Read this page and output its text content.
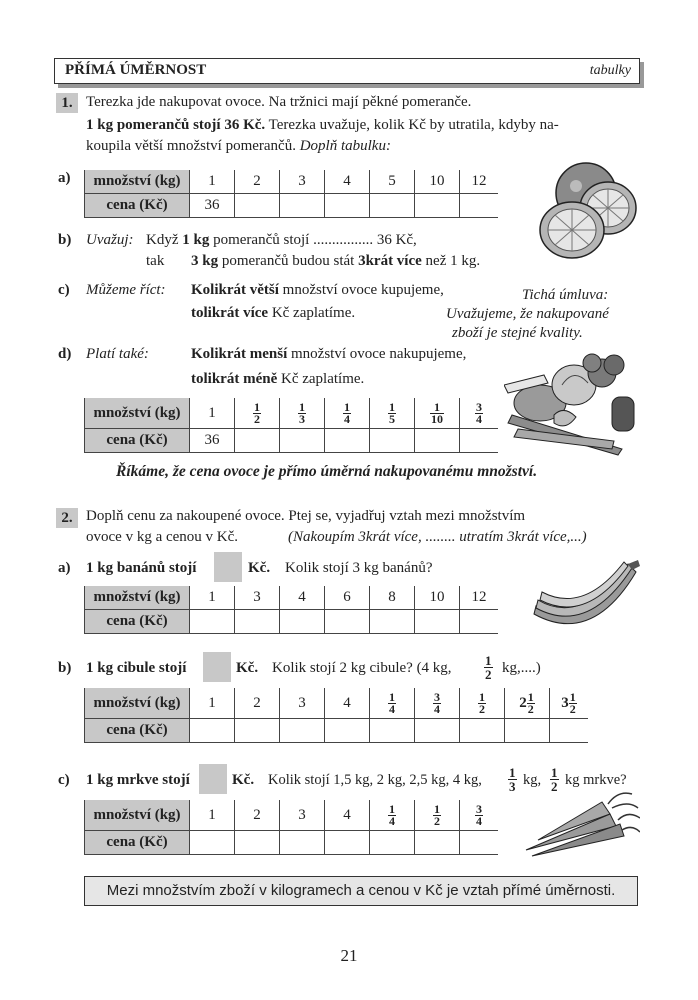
PŘÍMÁ ÚMĚRNOST	tabulky
1. Terezka jde nakupovat ovoce. Na tržnici mají pěkné pomeranče.
1 kg pomerančů stojí 36 Kč. Terezka uvažuje, kolik Kč by utratila, kdyby na-
koupila větší množství pomerančů. Doplň tabulku:
a) množství (kg)	1	2	3	4	5	10	12
cena (Kč)	36						
b) Uvažuj: Když 1 kg pomerančů stojí ................ 36 Kč,
tak 3 kg pomerančů budou stát 3krát více než 1 kg.
c) Můžeme říct: Kolikrát větší množství ovoce kupujeme,
tolikrát více Kč zaplatíme.
Tichá úmluva:
Uvažujeme, že nakupované
zboží je stejné kvality.
d) Platí také:	Kolikrát menší množství ovoce nakupujeme,
tolikrát méně Kč zaplatíme.
množství (kg)	1	$\frac{1}{2}$	$\frac{1}{3}$	$\frac{1}{4}$	$\frac{1}{5}$	$\frac{1}{10}$	$\frac{3}{4}$

cena (Kč)	36						
Říkáme, že cena ovoce je přímo úměrná nakupovanému množství.
2. Doplň cenu za nakoupené ovoce. Ptej se, vyjadřuj vztah mezi množstvím
ovoce v kg a cenou v Kč.	(Nakoupím 3krát více, ........ utratím 3krát více,...)
a) 1 kg banánů stojí	Kč. Kolik stojí 3 kg banánů?
množství (kg)	1	3	4	6	8	10	12
cena (Kč)							
b) 1 kg cibule stojí	Kč. Kolik stojí 2 kg cibule? (4 kg, $\frac{1}{2} kg$,....)
množství (kg)	1	2	3	4	$\frac{1}{4}$	$\frac{3}{4}$	$\frac{1}{2}$	$2 \frac{1}{2}$	$3 \frac{1}{2}$

cena (Kč)									
c) 1 kg mrkve stojí	Kč. Kolik stojí 1,5 kg, 2 kg, 2,5 kg, 4 kg, $\frac{1}{3}$ kg, $\frac{1}{2}$ kg mrkve?
množství (kg)	1	2	3	4	$\frac{1}{4}$	$\frac{1}{2}$	$\frac{3}{4}$

cena (Kč)							
Mezi množstvím zboží v kilogramech a cenou v Kč je vztah přímé úměrnosti.
21
